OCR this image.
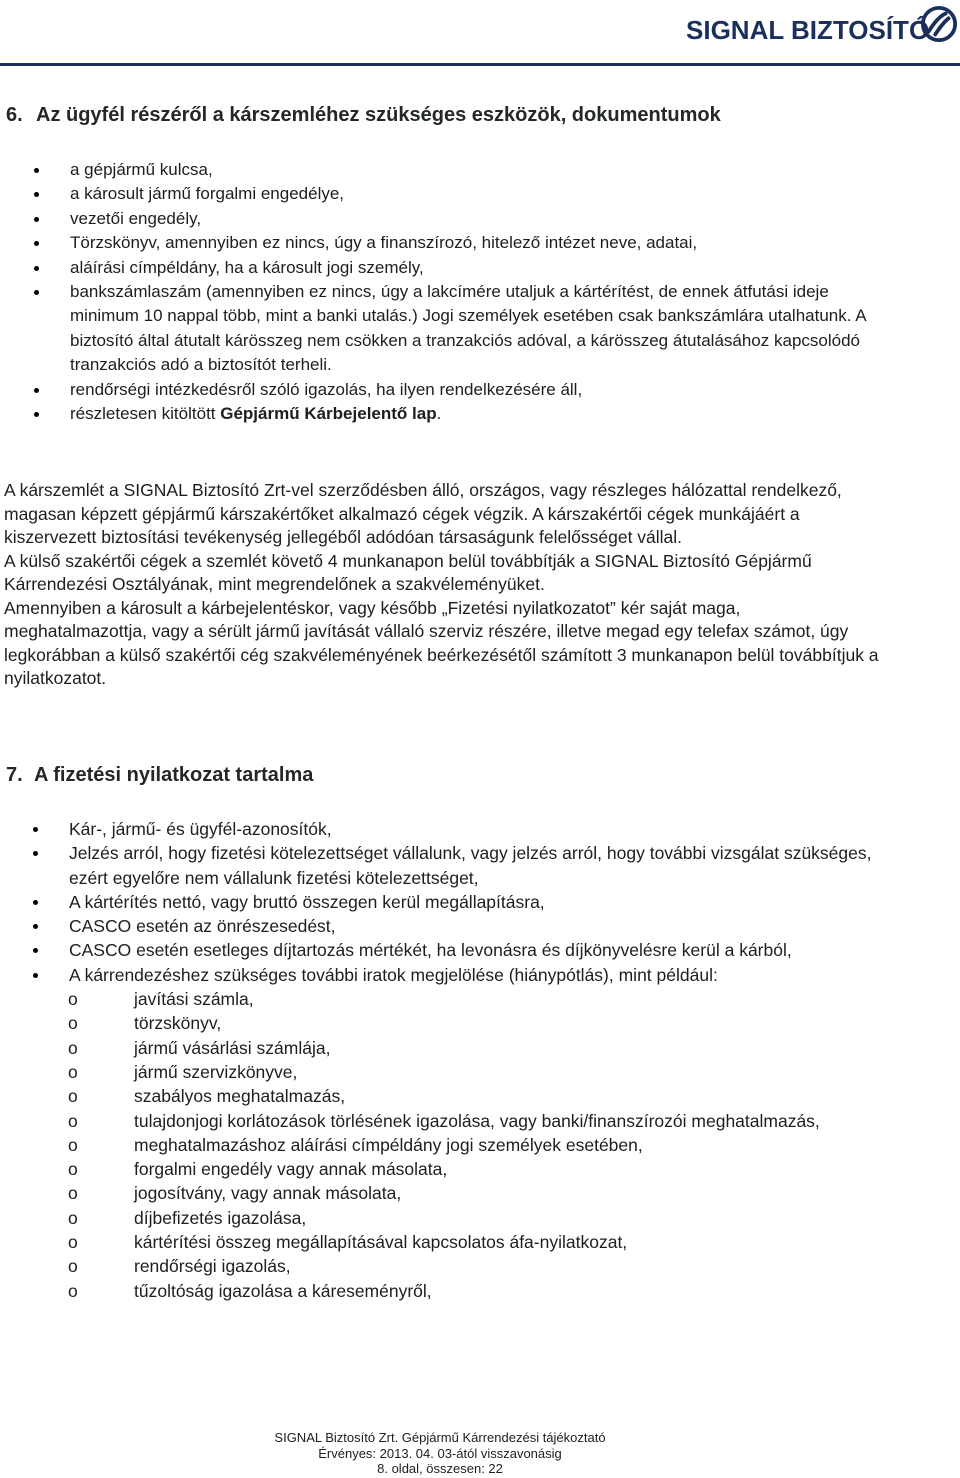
SIGNAL BIZTOSÍTÓ
6. Az ügyfél részéről a kárszemléhez szükséges eszközök, dokumentumok
a gépjármű kulcsa,
a károsult jármű forgalmi engedélye,
vezetői engedély,
Törzskönyv, amennyiben ez nincs, úgy a finanszírozó, hitelező intézet neve, adatai,
aláírási címpéldány, ha a károsult jogi személy,
bankszámlaszám (amennyiben ez nincs, úgy a lakcímére utaljuk a kártérítést, de ennek átfutási ideje minimum 10 nappal több, mint a banki utalás.) Jogi személyek esetében csak bankszámlára utalhatunk. A biztosító által átutalt kárösszeg nem csökken a tranzakciós adóval, a kárösszeg átutalásához kapcsolódó tranzakciós adó a biztosítót terheli.
rendőrségi intézkedésről szóló igazolás, ha ilyen rendelkezésére áll,
részletesen kitöltött Gépjármű Kárbejelentő lap.

A kárszemlét a SIGNAL Biztosító Zrt-vel szerződésben álló, országos, vagy részleges hálózattal rendelkező, magasan képzett gépjármű kárszakértőket alkalmazó cégek végzik. A kárszakértői cégek munkájáért a kiszervezett biztosítási tevékenység jellegéből adódóan társaságunk felelősséget vállal.

A külső szakértői cégek a szemlét követő 4 munkanapon belül továbbítják a SIGNAL Biztosító Gépjármű Kárrendezési Osztályának, mint megrendelőnek a szakvéleményüket.

Amennyiben a károsult a kárbejelentéskor, vagy később „Fizetési nyilatkozatot” kér saját maga, meghatalmazottja, vagy a sérült jármű javítását vállaló szerviz részére, illetve megad egy telefax számot, úgy legkorábban a külső szakértői cég szakvéleményének beérkezésétől számított 3 munkanapon belül továbbítjuk a nyilatkozatot.

7. A fizetési nyilatkozat tartalma
Kár-, jármű- és ügyfél-azonosítók,
Jelzés arról, hogy fizetési kötelezettséget vállalunk, vagy jelzés arról, hogy további vizsgálat szükséges, ezért egyelőre nem vállalunk fizetési kötelezettséget,
A kártérítés nettó, vagy bruttó összegen kerül megállapításra,
CASCO esetén az önrészesedést,
CASCO esetén esetleges díjtartozás mértékét, ha levonásra és díjkönyvelésre kerül a kárból,
A kárrendezéshez szükséges további iratok megjelölése (hiánypótlás), mint például:
o javítási számla,
o törzskönyv,
o jármű vásárlási számlája,
o jármű szervizkönyve,
o szabályos meghatalmazás,
o tulajdonjogi korlátozások törlésének igazolása, vagy banki/finanszírozói meghatalmazás,
o meghatalmazáshoz aláírási címpéldány jogi személyek esetében,
o forgalmi engedély vagy annak másolata,
o jogosítvány, vagy annak másolata,
o díjbefizetés igazolása,
o kártérítési összeg megállapításával kapcsolatos áfa-nyilatkozat,
o rendőrségi igazolás,
o tűzoltóság igazolása a káreseményről,
SIGNAL Biztosító Zrt. Gépjármű Kárrendezési tájékoztató
Érvényes: 2013. 04. 03-ától visszavonásig
8. oldal, összesen: 22
